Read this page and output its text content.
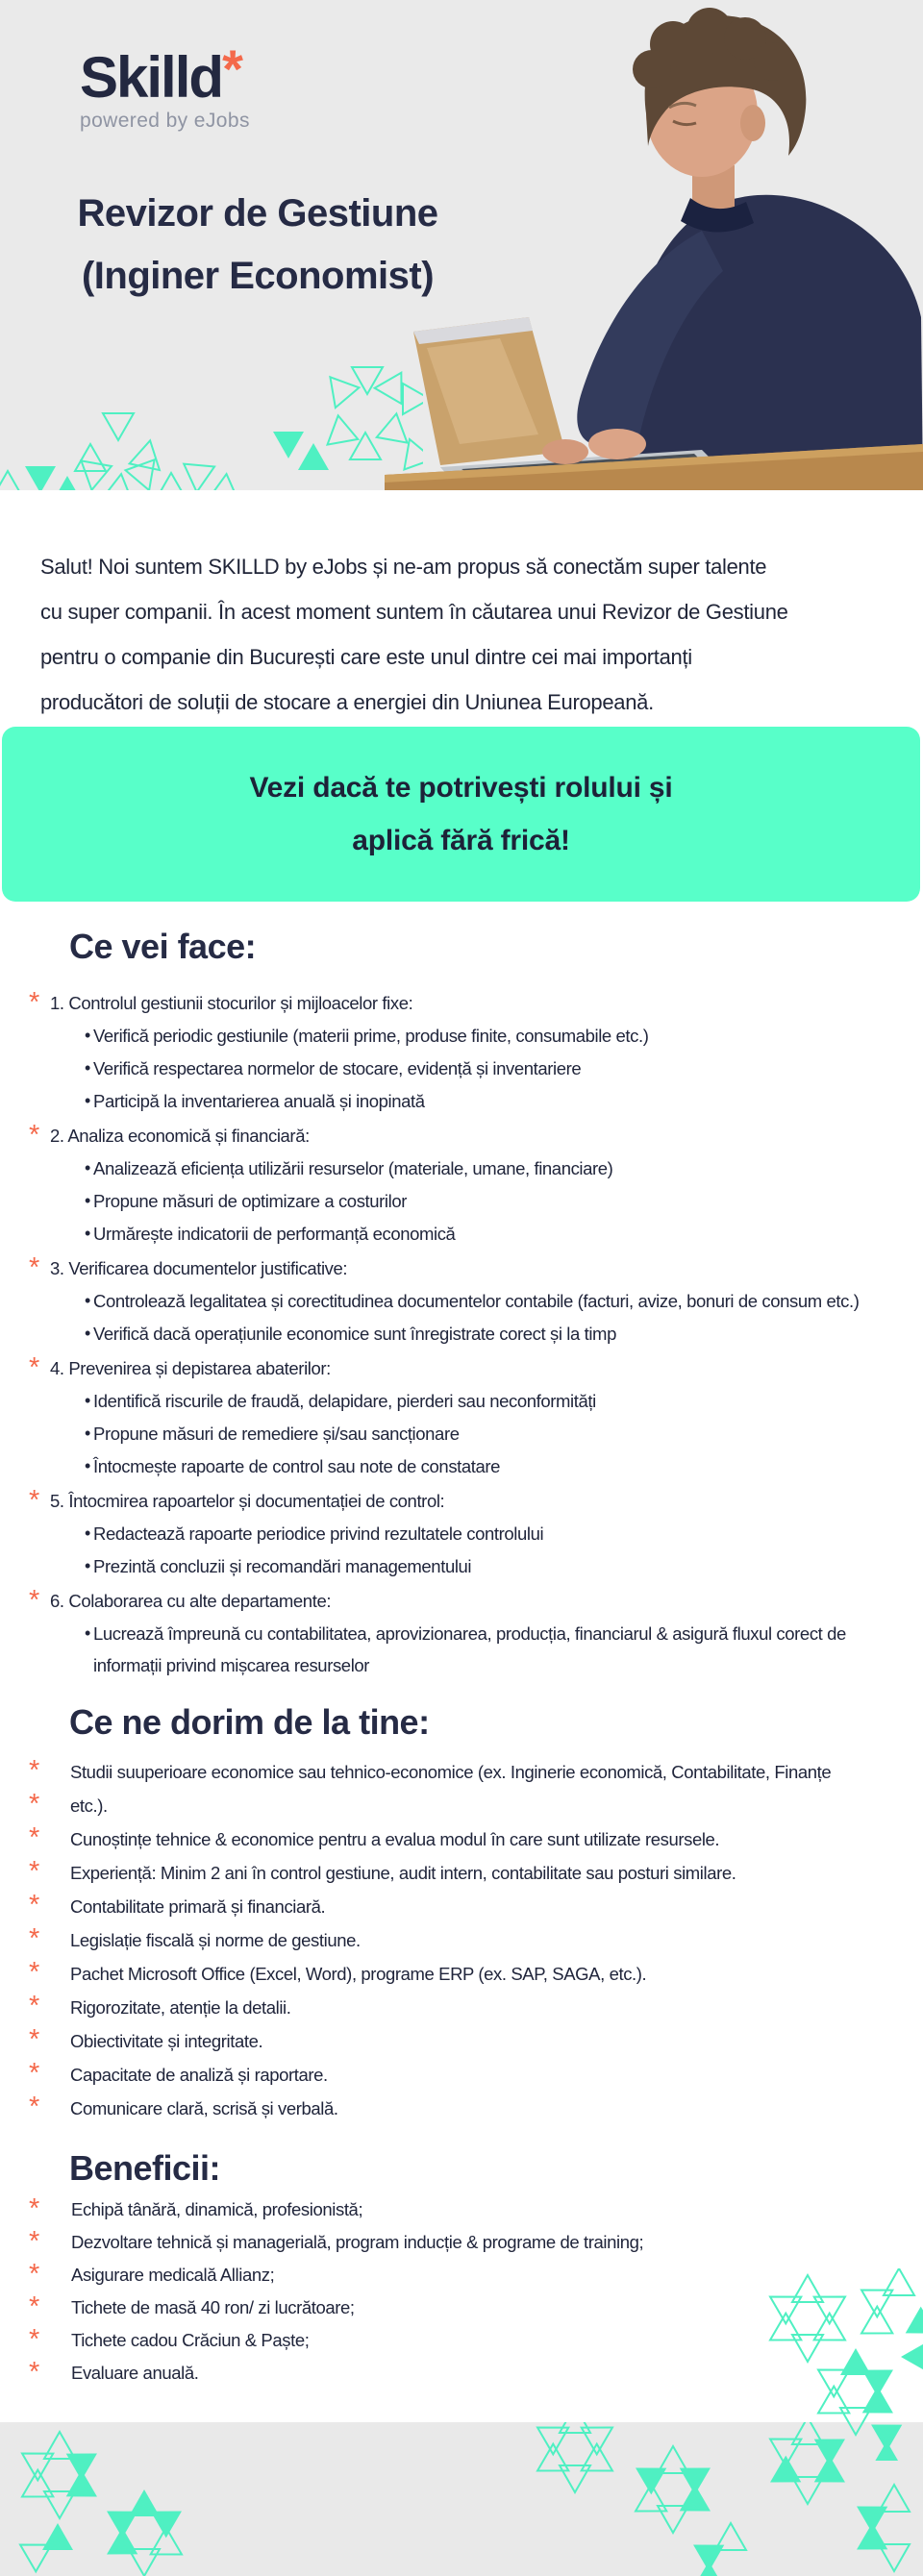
Skilld*
powered by eJobs
Revizor de Gestiune
(Inginer Economist)

Salut! Noi suntem SKILLD by eJobs și ne-am propus să conectăm super talente
cu super companii. În acest moment suntem în căutarea unui Revizor de Gestiune
pentru o companie din București care este unul dintre cei mai importanți
producători de soluții de stocare a energiei din Uniunea Europeană.

Vezi dacă te potrivești rolului și
aplică fără frică!
Ce vei face:
* 1. Controlul gestiunii stocurilor și mijloacelor fixe:
• Verifică periodic gestiunile (materii prime, produse finite, consumabile etc.)
• Verifică respectarea normelor de stocare, evidență și inventariere
• Participă la inventarierea anuală și inopinată
* 2. Analiza economică și financiară:
• Analizează eficiența utilizării resurselor (materiale, umane, financiare)
• Propune măsuri de optimizare a costurilor
• Urmărește indicatorii de performanță economică
* 3. Verificarea documentelor justificative:
• Controlează legalitatea și corectitudinea documentelor contabile (facturi, avize, bonuri de consum etc.)
• Verifică dacă operațiunile economice sunt înregistrate corect și la timp
* 4. Prevenirea și depistarea abaterilor:
• Identifică riscurile de fraudă, delapidare, pierderi sau neconformități
• Propune măsuri de remediere și/sau sancționare
• Întocmește rapoarte de control sau note de constatare
* 5. Întocmirea rapoartelor și documentației de control:
• Redactează rapoarte periodice privind rezultatele controlului
• Prezintă concluzii și recomandări managementului
* 6. Colaborarea cu alte departamente:
• Lucrează împreună cu contabilitatea, aprovizionarea, producția, financiarul & asigură fluxul corect de informații privind mișcarea resurselor
Ce ne dorim de la tine:
* Studii suuperioare economice sau tehnico-economice (ex. Inginerie economică, Contabilitate, Finanțe
* etc.).
* Cunoștințe tehnice & economice pentru a evalua modul în care sunt utilizate resursele.
* Experiență: Minim 2 ani în control gestiune, audit intern, contabilitate sau posturi similare.
* Contabilitate primară și financiară.
* Legislație fiscală și norme de gestiune.
* Pachet Microsoft Office (Excel, Word), programe ERP (ex. SAP, SAGA, etc.).
* Rigorozitate, atenție la detalii.
* Obiectivitate și integritate.
* Capacitate de analiză și raportare.
* Comunicare clară, scrisă și verbală.
Beneficii:
* Echipă tânără, dinamică, profesionistă;
* Dezvoltare tehnică și managerială, program inducție & programe de training;
* Asigurare medicală Allianz;
* Tichete de masă 40 ron/ zi lucrătoare;
* Tichete cadou Crăciun & Paște;
* Evaluare anuală.
